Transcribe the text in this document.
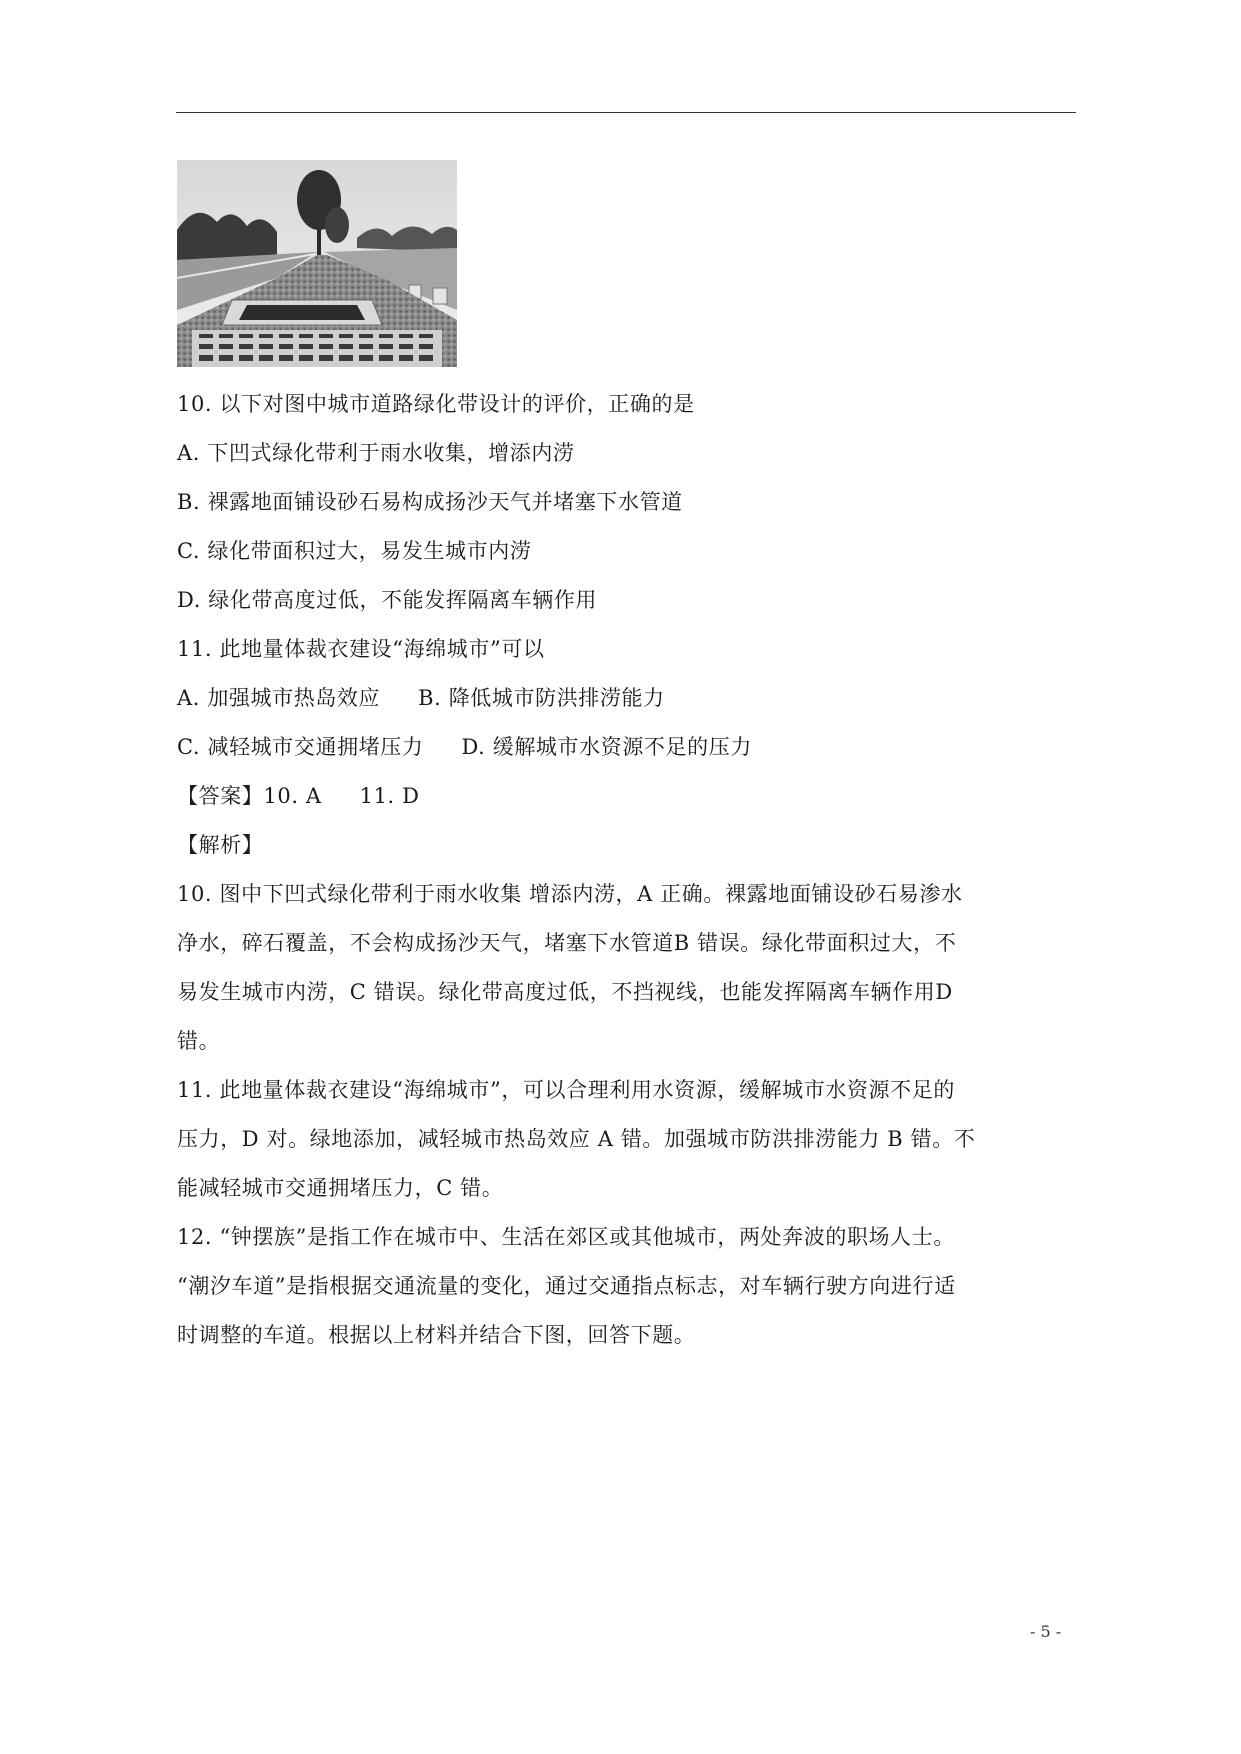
10. 以下对图中城市道路绿化带设计的评价，正确的是
A. 下凹式绿化带利于雨水收集，增添内涝
B. 裸露地面铺设砂石易构成扬沙天气并堵塞下水管道
C. 绿化带面积过大，易发生城市内涝
D. 绿化带高度过低，不能发挥隔离车辆作用
11. 此地量体裁衣建设“海绵城市”可以
A. 加强城市热岛效应 B. 降低城市防洪排涝能力
C. 减轻城市交通拥堵压力 D. 缓解城市水资源不足的压力
【答案】10. A 11. D
【解析】
10. 图中下凹式绿化带利于雨水收集 增添内涝，A 正确。裸露地面铺设砂石易渗水
净水，碎石覆盖，不会构成扬沙天气，堵塞下水管道B 错误。绿化带面积过大，不
易发生城市内涝，C 错误。绿化带高度过低，不挡视线，也能发挥隔离车辆作用D
错。
11. 此地量体裁衣建设“海绵城市”，可以合理利用水资源，缓解城市水资源不足的
压力，D 对。绿地添加，减轻城市热岛效应 A 错。加强城市防洪排涝能力 B 错。不
能减轻城市交通拥堵压力，C 错。
12. “钟摆族”是指工作在城市中、生活在郊区或其他城市，两处奔波的职场人士。
“潮汐车道”是指根据交通流量的变化，通过交通指点标志，对车辆行驶方向进行适
时调整的车道。根据以上材料并结合下图，回答下题。
- 5 -
